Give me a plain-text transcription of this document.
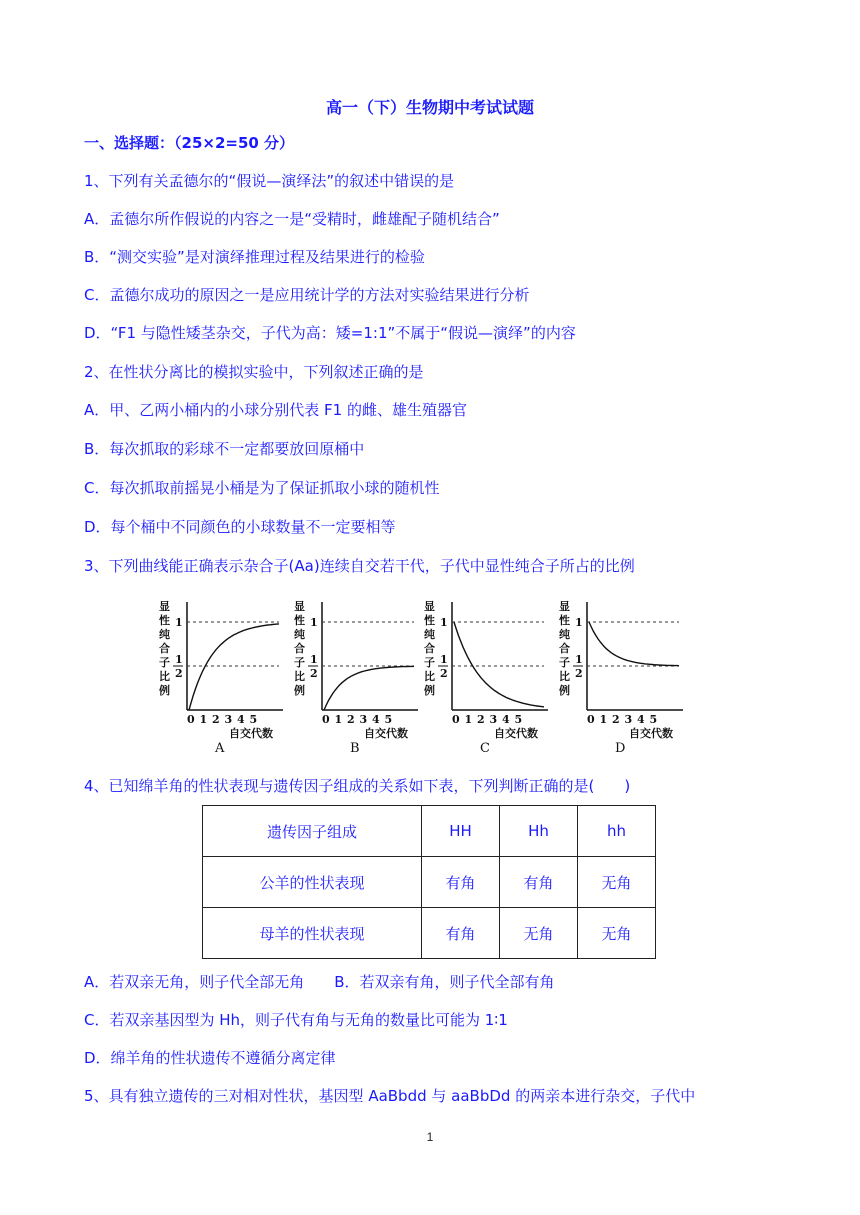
高一（下）生物期中考试试题
一、选择题：（25×2=50 分）
1、下列有关孟德尔的“假说—演绎法”的叙述中错误的是
A．孟德尔所作假说的内容之一是“受精时，雌雄配子随机结合”
B．“测交实验”是对演绎推理过程及结果进行的检验
C．孟德尔成功的原因之一是应用统计学的方法对实验结果进行分析
D．“F1 与隐性矮茎杂交，子代为高：矮=1:1”不属于“假说—演绎”的内容
2、在性状分离比的模拟实验中，下列叙述正确的是
A．甲、乙两小桶内的小球分别代表 F1 的雌、雄生殖器官
B．每次抓取的彩球不一定都要放回原桶中
C．每次抓取前摇晃小桶是为了保证抓取小球的随机性
D．每个桶中不同颜色的小球数量不一定要相等
3、下列曲线能正确表示杂合子(Aa)连续自交若干代，子代中显性纯合子所占的比例
显
性
纯
合
子
比
例
1
1
2
0 1 2 3 4 5
自交代数
A
显
性
纯
合
子
比
例
1
1
2
0 1 2 3 4 5
自交代数
B
显
性
纯
合
子
比
例
1
1
2
0 1 2 3 4 5
自交代数
C
显
性
纯
合
子
比
例
1
1
2
0 1 2 3 4 5
自交代数
D
4、已知绵羊角的性状表现与遗传因子组成的关系如下表，下列判断正确的是(　　)
遗传因子组成	HH	Hh	hh
公羊的性状表现	有角	有角	无角
母羊的性状表现	有角	无角	无角
A．若双亲无角，则子代全部无角　　B．若双亲有角，则子代全部有角
C．若双亲基因型为 Hh，则子代有角与无角的数量比可能为 1∶1
D．绵羊角的性状遗传不遵循分离定律
5、具有独立遗传的三对相对性状，基因型 AaBbdd 与 aaBbDd 的两亲本进行杂交，子代中
1
